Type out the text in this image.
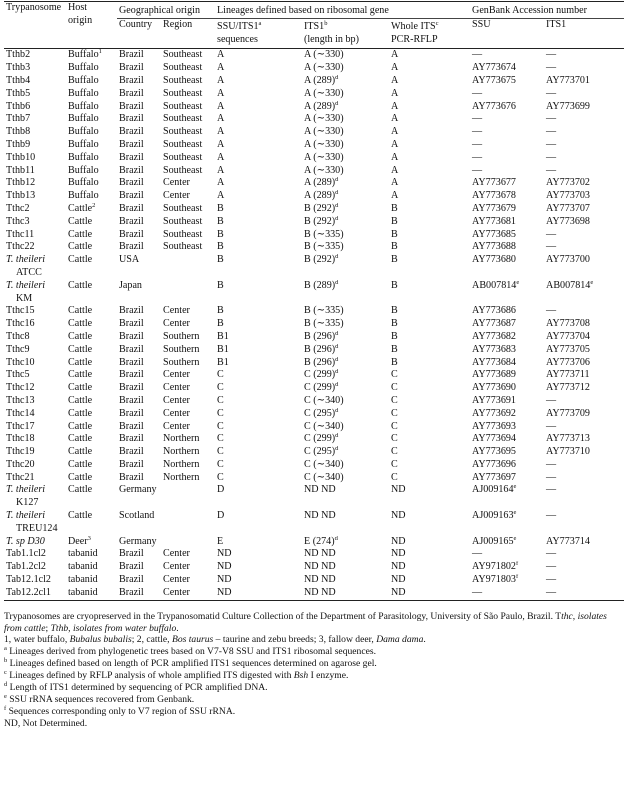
Trypanosome	Host
origin	Geographical origin		Lineages defined based on ribosomal gene			GenBank Accession number	
		Country	Region	SSU/ITS1$^a$	ITS1$^b$	Whole ITS$^c$	SSU	ITS1
				sequences	(length in bp)	PCR-RFLP		
Tthb2	Buffalo$^1$	Brazil	Southeast	A	A (∼330)	A	—	—
Tthb3	Buffalo	Brazil	Southeast	A	A (∼330)	A	AY773674	—
Tthb4	Buffalo	Brazil	Southeast	A	A $(289)^d$	A	AY773675	AY773701
Tthb5	Buffalo	Brazil	Southeast	A	A (∼330)	A	—	—
Tthb6	Buffalo	Brazil	Southeast	A	A $(289)^d$	A	AY773676	AY773699
Tthb7	Buffalo	Brazil	Southeast	A	A (∼330)	A	—	—
Tthb8	Buffalo	Brazil	Southeast	A	A (∼330)	A	—	—
Tthb9	Buffalo	Brazil	Southeast	A	A (∼330)	A	—	—
Tthb10	Buffalo	Brazil	Southeast	A	A (∼330)	A	—	—
Tthb11	Buffalo	Brazil	Southeast	A	A (∼330)	A	—	—
Tthb12	Buffalo	Brazil	Center	A	A $(289)^d$	A	AY773677	AY773702
Tthb13	Buffalo	Brazil	Center	A	A $(289)^d$	A	AY773678	AY773703
Tthc2	Cattle$^2$	Brazil	Southeast	B	B $(292)^d$	B	AY773679	AY773707
Tthc3	Cattle	Brazil	Southeast	B	B $(292)^d$	B	AY773681	AY773698
Tthc11	Cattle	Brazil	Southeast	B	B (∼335)	B	AY773685	—
Tthc22	Cattle	Brazil	Southeast	B	B (∼335)	B	AY773688	—
T. theileri	Cattle	USA		B	B $(292)^d$	B	AY773680	AY773700
ATCC								
T. theileri	Cattle	Japan		B	B $(289)^d$	B	AB007814e	AB007814e
KM								
Tthc15	Cattle	Brazil	Center	B	B (∼335)	B	AY773686	—
Tthc16	Cattle	Brazil	Center	B	B (∼335)	B	AY773687	AY773708
Tthc8	Cattle	Brazil	Southern	B1	B $(296)^d$	B	AY773682	AY773704
Tthc9	Cattle	Brazil	Southern	B1	B $(296)^d$	B	AY773683	AY773705
Tthc10	Cattle	Brazil	Southern	B1	B $(296)^d$	B	AY773684	AY773706
Tthc5	Cattle	Brazil	Center	C	C $(299)^d$	C	AY773689	AY773711
Tthc12	Cattle	Brazil	Center	C	C $(299)^d$	C	AY773690	AY773712
Tthc13	Cattle	Brazil	Center	C	C (∼340)	C	AY773691	—
Tthc14	Cattle	Brazil	Center	C	C $(295)^d$	C	AY773692	AY773709
Tthc17	Cattle	Brazil	Center	C	C (∼340)	C	AY773693	—
Tthc18	Cattle	Brazil	Northern	C	C $(299)^d$	C	AY773694	AY773713
Tthc19	Cattle	Brazil	Northern	C	C $(295)^d$	C	AY773695	AY773710
Tthc20	Cattle	Brazil	Northern	C	C (∼340)	C	AY773696	—
Tthc21	Cattle	Brazil	Northern	C	C (∼340)	C	AY773697	—
T. theileri	Cattle	Germany		D	ND ND	ND	AJ009164e	—
K127								
T. theileri	Cattle	Scotland		D	ND ND	ND	AJ009163e	—
TREU124								
T. sp D30	Deer$^3$	Germany		E	E $(274)^d$	ND	AJ009165e	AY773714
Tab1.1cl2	tabanid	Brazil	Center	ND	ND ND	ND	—	—
Tab1.2cl2	tabanid	Brazil	Center	ND	ND ND	ND	AY971802$^f$	—
Tab12.1cl2	tabanid	Brazil	Center	ND	ND ND	ND	AY971803$^f$	—
Tab12.2cl1	tabanid	Brazil	Center	ND	ND ND	ND	—	—

Trypanosomes are cryopreserved in the Trypanosomatid Culture Collection of the Department of Parasitology, University of São Paulo, Brazil. Tthc, isolates from cattle; Tthb, isolates from water buffalo.

1, water buffalo, Bubalus bubalis; 2, cattle, Bos taurus – taurine and zebu breeds; 3, fallow deer, Dama dama.

$^a$ Lineages derived from phylogenetic trees based on V7-V8 SSU and ITS1 ribosomal sequences.

$^b$ Lineages defined based on length of PCR amplified ITS1 sequences determined on agarose gel.

$^c$ Lineages defined by RFLP analysis of whole amplified ITS digested with Bsh I enzyme.

$^d$ Length of ITS1 determined by sequencing of PCR amplified DNA.

$^e$ SSU rRNA sequences recovered from Genbank.

$^f$ Sequences corresponding only to V7 region of SSU rRNA.

ND, Not Determined.
